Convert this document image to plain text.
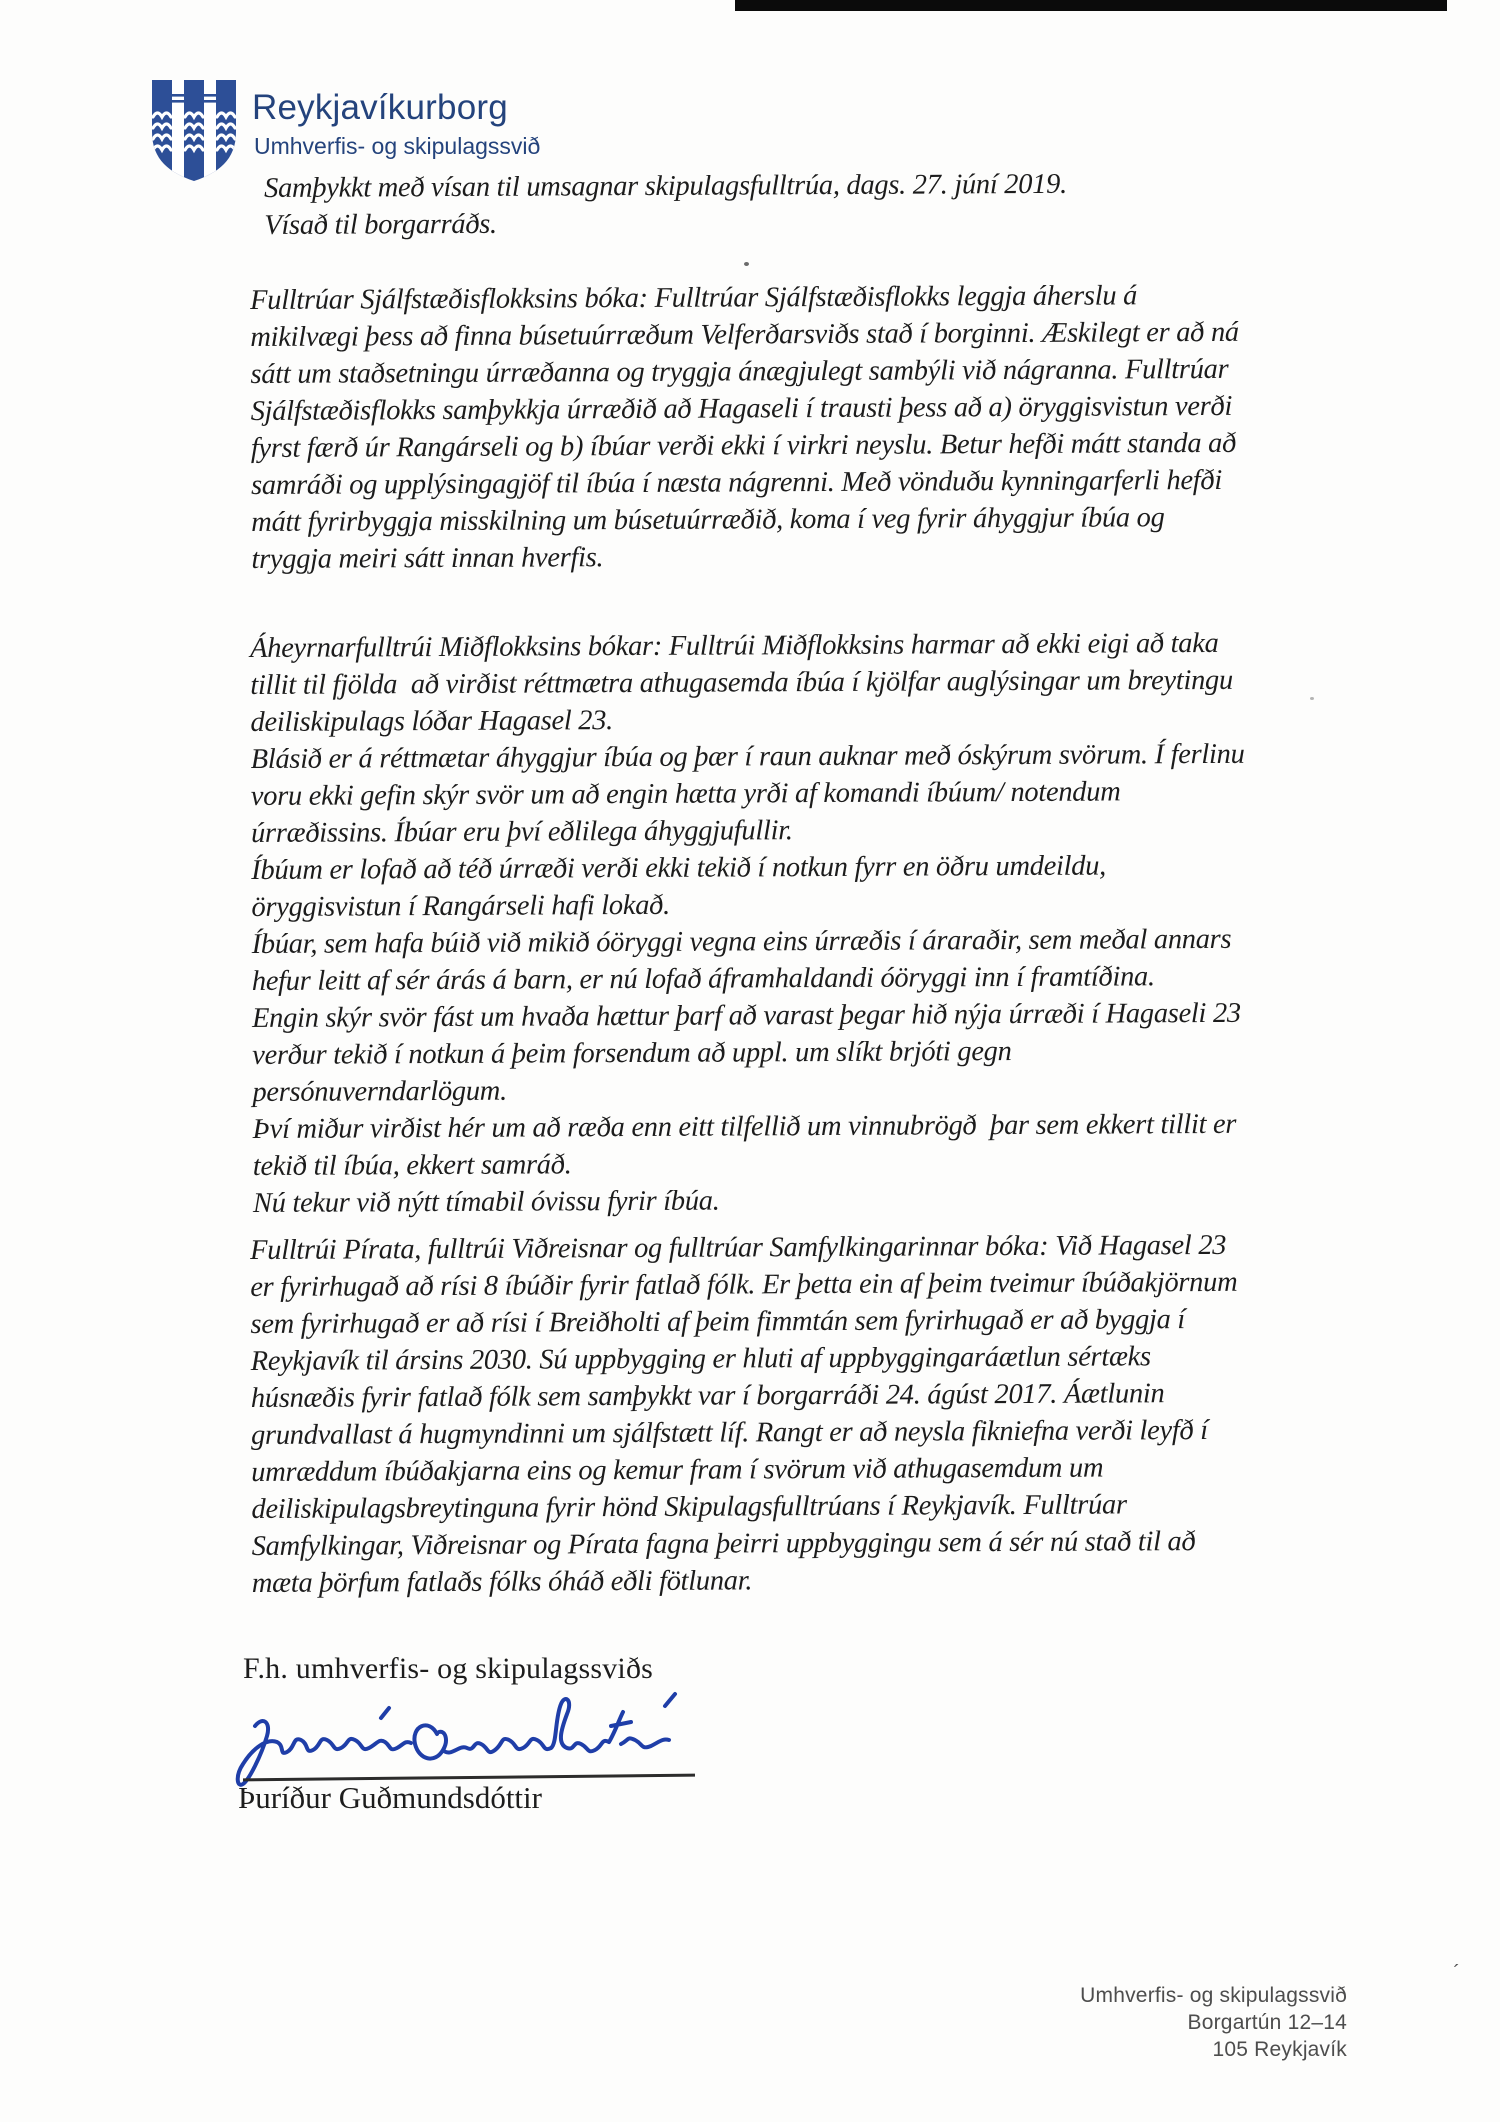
Reykjavíkurborg
Umhverfis- og skipulagssvið
Samþykkt með vísan til umsagnar skipulagsfulltrúa, dags. 27. júní 2019.
Vísað til borgarráðs.
Fulltrúar Sjálfstæðisflokksins bóka: Fulltrúar Sjálfstæðisflokks leggja áherslu á
mikilvægi þess að finna búsetuúrræðum Velferðarsviðs stað í borginni. Æskilegt er að ná
sátt um staðsetningu úrræðanna og tryggja ánægjulegt sambýli við nágranna. Fulltrúar
Sjálfstæðisflokks samþykkja úrræðið að Hagaseli í trausti þess að a) öryggisvistun verði
fyrst færð úr Rangárseli og b) íbúar verði ekki í virkri neyslu. Betur hefði mátt standa að
samráði og upplýsingagjöf til íbúa í næsta nágrenni. Með vönduðu kynningarferli hefði
mátt fyrirbyggja misskilning um búsetuúrræðið, koma í veg fyrir áhyggjur íbúa og
tryggja meiri sátt innan hverfis.
Áheyrnarfulltrúi Miðflokksins bókar: Fulltrúi Miðflokksins harmar að ekki eigi að taka
tillit til fjölda  að virðist réttmætra athugasemda íbúa í kjölfar auglýsingar um breytingu
deiliskipulags lóðar Hagasel 23.
Blásið er á réttmætar áhyggjur íbúa og þær í raun auknar með óskýrum svörum. Í ferlinu
voru ekki gefin skýr svör um að engin hætta yrði af komandi íbúum/ notendum
úrræðissins. Íbúar eru því eðlilega áhyggjufullir.
Íbúum er lofað að téð úrræði verði ekki tekið í notkun fyrr en öðru umdeildu,
öryggisvistun í Rangárseli hafi lokað.
Íbúar, sem hafa búið við mikið óöryggi vegna eins úrræðis í áraraðir, sem meðal annars
hefur leitt af sér árás á barn, er nú lofað áframhaldandi óöryggi inn í framtíðina.
Engin skýr svör fást um hvaða hættur þarf að varast þegar hið nýja úrræði í Hagaseli 23
verður tekið í notkun á þeim forsendum að uppl. um slíkt brjóti gegn
persónuverndarlögum.
Því miður virðist hér um að ræða enn eitt tilfellið um vinnubrögð  þar sem ekkert tillit er
tekið til íbúa, ekkert samráð.
Nú tekur við nýtt tímabil óvissu fyrir íbúa.
Fulltrúi Pírata, fulltrúi Viðreisnar og fulltrúar Samfylkingarinnar bóka: Við Hagasel 23
er fyrirhugað að rísi 8 íbúðir fyrir fatlað fólk. Er þetta ein af þeim tveimur íbúðakjörnum
sem fyrirhugað er að rísi í Breiðholti af þeim fimmtán sem fyrirhugað er að byggja í
Reykjavík til ársins 2030. Sú uppbygging er hluti af uppbyggingaráætlun sértæks
húsnæðis fyrir fatlað fólk sem samþykkt var í borgarráði 24. ágúst 2017. Áætlunin
grundvallast á hugmyndinni um sjálfstætt líf. Rangt er að neysla fikniefna verði leyfð í
umræddum íbúðakjarna eins og kemur fram í svörum við athugasemdum um
deiliskipulagsbreytinguna fyrir hönd Skipulagsfulltrúans í Reykjavík. Fulltrúar
Samfylkingar, Viðreisnar og Pírata fagna þeirri uppbyggingu sem á sér nú stað til að
mæta þörfum fatlaðs fólks óháð eðli fötlunar.
F.h. umhverfis- og skipulagssviðs
Þuríður Guðmundsdóttir
´
Umhverfis- og skipulagssvið
Borgartún 12–14
105 Reykjavík
